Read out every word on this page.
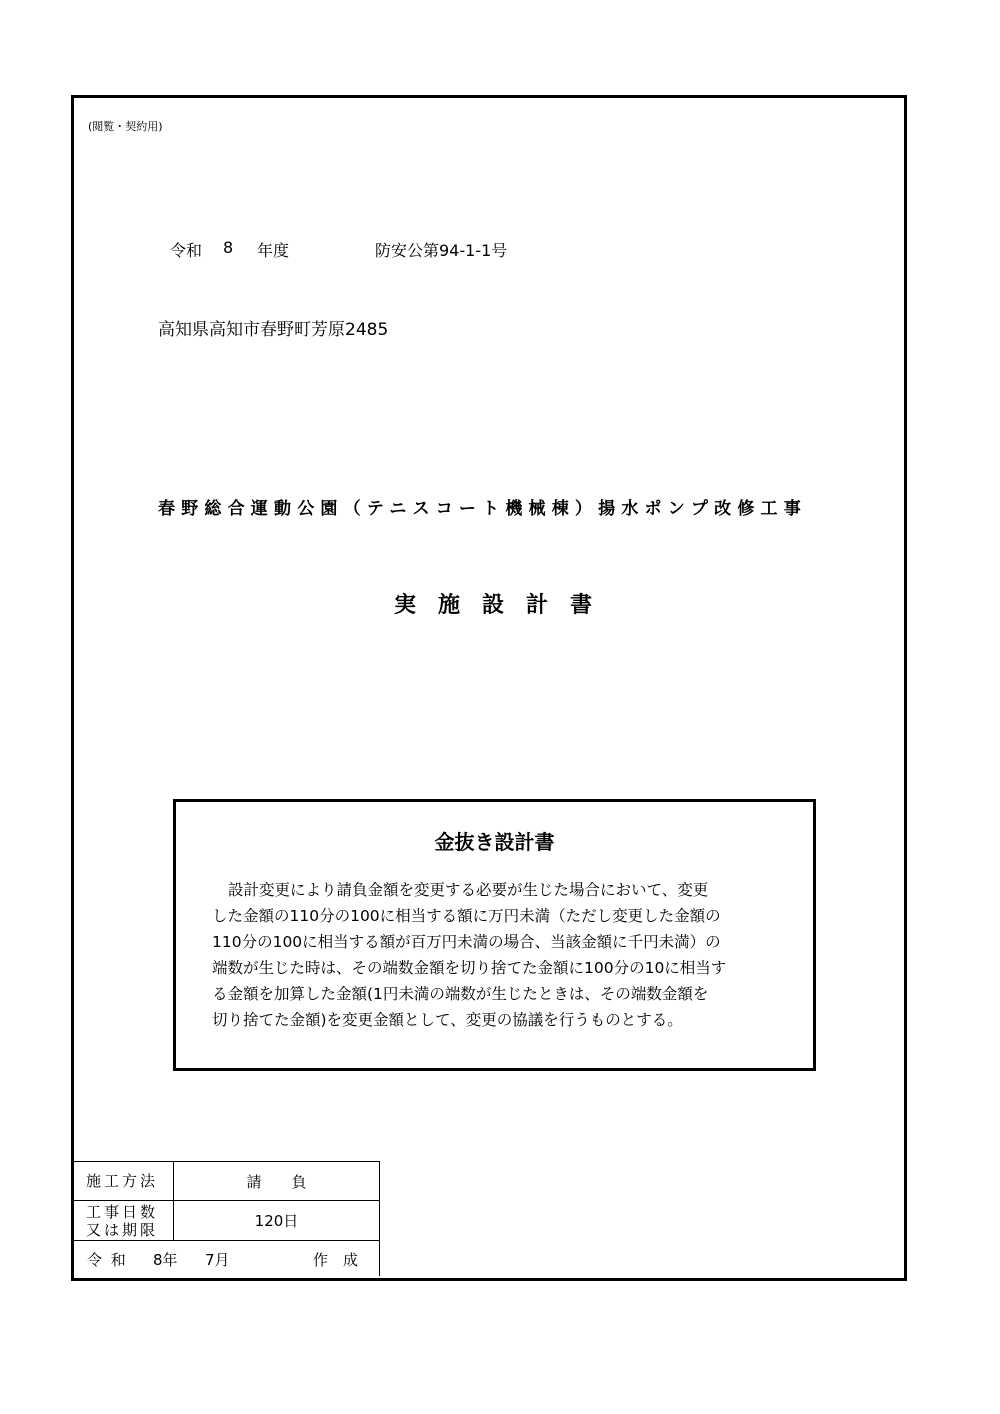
(閲覧・契約用)
令和 8 年度	防安公第94-1-1号
高知県高知市春野町芳原2485
春野総合運動公園（テニスコート機械棟）揚水ポンプ改修工事
実施設計書
金抜き設計書
設計変更により請負金額を変更する必要が生じた場合において、変更
した金額の110分の100に相当する額に万円未満（ただし変更した金額の
110分の100に相当する額が百万円未満の場合、当該金額に千円未満）の
端数が生じた時は、その端数金額を切り捨てた金額に100分の10に相当す
る金額を加算した金額(1円未満の端数が生じたときは、その端数金額を
切り捨てた金額)を変更金額として、変更の協議を行うものとする。
施工方法	請　　負
工事日数
又は期限	120日
令 和 8年 7月	作　成
